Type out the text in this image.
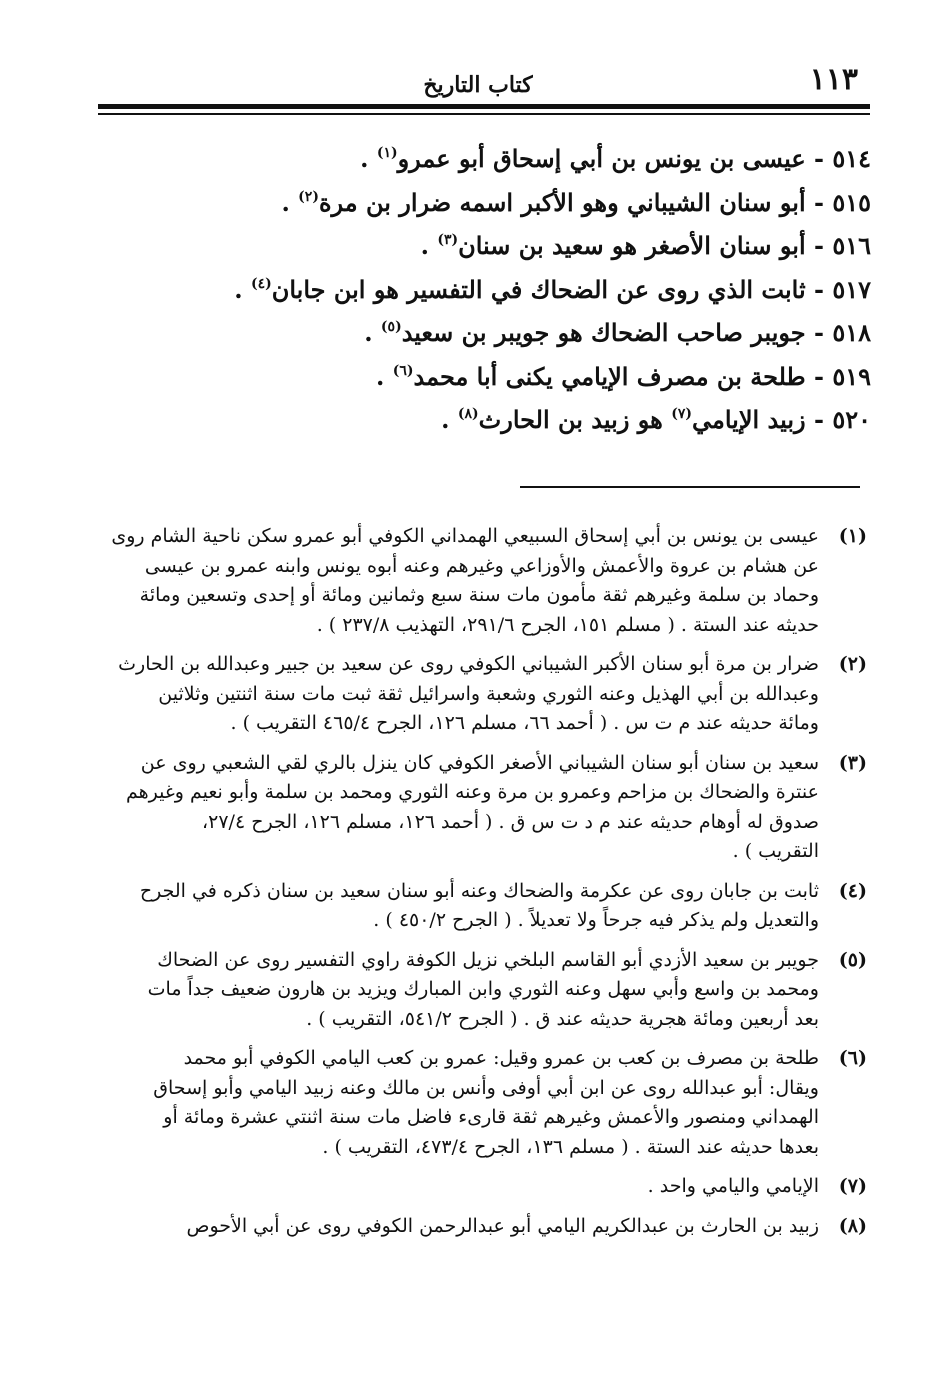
١١٣
كتاب التاريخ
٥١٤ - عيسى بن يونس بن أبي إسحاق أبو عمرو$^{(١)}$ .
٥١٥ - أبو سنان الشيباني وهو الأكبر اسمه ضرار بن مرة$^{(٢)}$ .
٥١٦ - أبو سنان الأصغر هو سعيد بن سنان$^{(٣)}$ .
٥١٧ - ثابت الذي روى عن الضحاك في التفسير هو ابن جابان$^{(٤)}$ .
٥١٨ - جويبر صاحب الضحاك هو جويبر بن سعيد$^{(٥)}$ .
٥١٩ - طلحة بن مصرف الإيامي يكنى أبا محمد$^{(٦)}$ .
٥٢٠ - زبيد الإيامي$^{(٧)}$ هو زبيد بن الحارث$^{(٨)}$ .
(١)
عيسى بن يونس بن أبي إسحاق السبيعي الهمداني الكوفي أبو عمرو سكن ناحية الشام روى
عن هشام بن عروة والأعمش والأوزاعي وغيرهم وعنه أبوه يونس وابنه عمرو بن عيسى
وحماد بن سلمة وغيرهم ثقة مأمون مات سنة سبع وثمانين ومائة أو إحدى وتسعين ومائة
حديثه عند الستة . ( مسلم ١٥١، الجرح ٢٩١/٦، التهذيب ٢٣٧/٨ ) .
(٢)
ضرار بن مرة أبو سنان الأكبر الشيباني الكوفي روى عن سعيد بن جبير وعبدالله بن الحارث
وعبدالله بن أبي الهذيل وعنه الثوري وشعبة واسرائيل ثقة ثبت مات سنة اثنتين وثلاثين
ومائة حديثه عند م ت س . ( أحمد ٦٦، مسلم ١٢٦، الجرح ٤٦٥/٤ التقريب ) .
(٣)
سعيد بن سنان أبو سنان الشيباني الأصغر الكوفي كان ينزل بالري لقي الشعبي روى عن
عنترة والضحاك بن مزاحم وعمرو بن مرة وعنه الثوري ومحمد بن سلمة وأبو نعيم وغيرهم
صدوق له أوهام حديثه عند م د ت س ق . ( أحمد ١٢٦، مسلم ١٢٦، الجرح ٢٧/٤،
التقريب ) .
(٤)
ثابت بن جابان روى عن عكرمة والضحاك وعنه أبو سنان سعيد بن سنان ذكره في الجرح
والتعديل ولم يذكر فيه جرحاً ولا تعديلاً . ( الجرح ٤٥٠/٢ ) .
(٥)
جويبر بن سعيد الأزدي أبو القاسم البلخي نزيل الكوفة راوي التفسير روى عن الضحاك
ومحمد بن واسع وأبي سهل وعنه الثوري وابن المبارك ويزيد بن هارون ضعيف جداً مات
بعد أربعين ومائة هجرية حديثه عند ق . ( الجرح ٥٤١/٢، التقريب ) .
(٦)
طلحة بن مصرف بن كعب بن عمرو وقيل: عمرو بن كعب اليامي الكوفي أبو محمد
ويقال: أبو عبدالله روى عن ابن أبي أوفى وأنس بن مالك وعنه زبيد اليامي وأبو إسحاق
الهمداني ومنصور والأعمش وغيرهم ثقة قارىء فاضل مات سنة اثنتي عشرة ومائة أو
بعدها حديثه عند الستة . ( مسلم ١٣٦، الجرح ٤٧٣/٤، التقريب ) .
(٧)
الإيامي واليامي واحد .
(٨)
زبيد بن الحارث بن عبدالكريم اليامي أبو عبدالرحمن الكوفي روى عن أبي الأحوص
